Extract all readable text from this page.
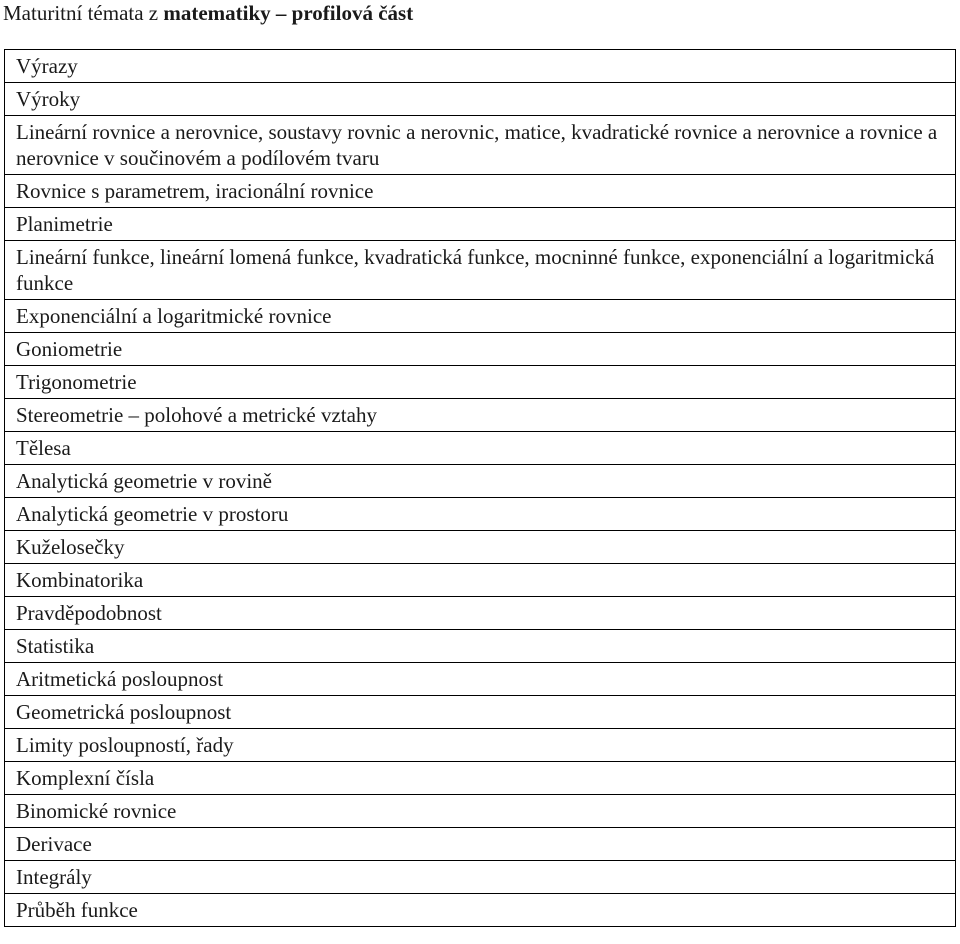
Maturitní témata z matematiky – profilová část
Výrazy
Výroky
Lineární rovnice a nerovnice, soustavy rovnic a nerovnic, matice, kvadratické rovnice a nerovnice a rovnice a nerovnice v součinovém a podílovém tvaru
Rovnice s parametrem, iracionální rovnice
Planimetrie
Lineární funkce, lineární lomená funkce, kvadratická funkce, mocninné funkce, exponenciální a logaritmická funkce
Exponenciální a logaritmické rovnice
Goniometrie
Trigonometrie
Stereometrie – polohové a metrické vztahy
Tělesa
Analytická geometrie v rovině
Analytická geometrie v prostoru
Kuželosečky
Kombinatorika
Pravděpodobnost
Statistika
Aritmetická posloupnost
Geometrická posloupnost
Limity posloupností, řady
Komplexní čísla
Binomické rovnice
Derivace
Integrály
Průběh funkce
